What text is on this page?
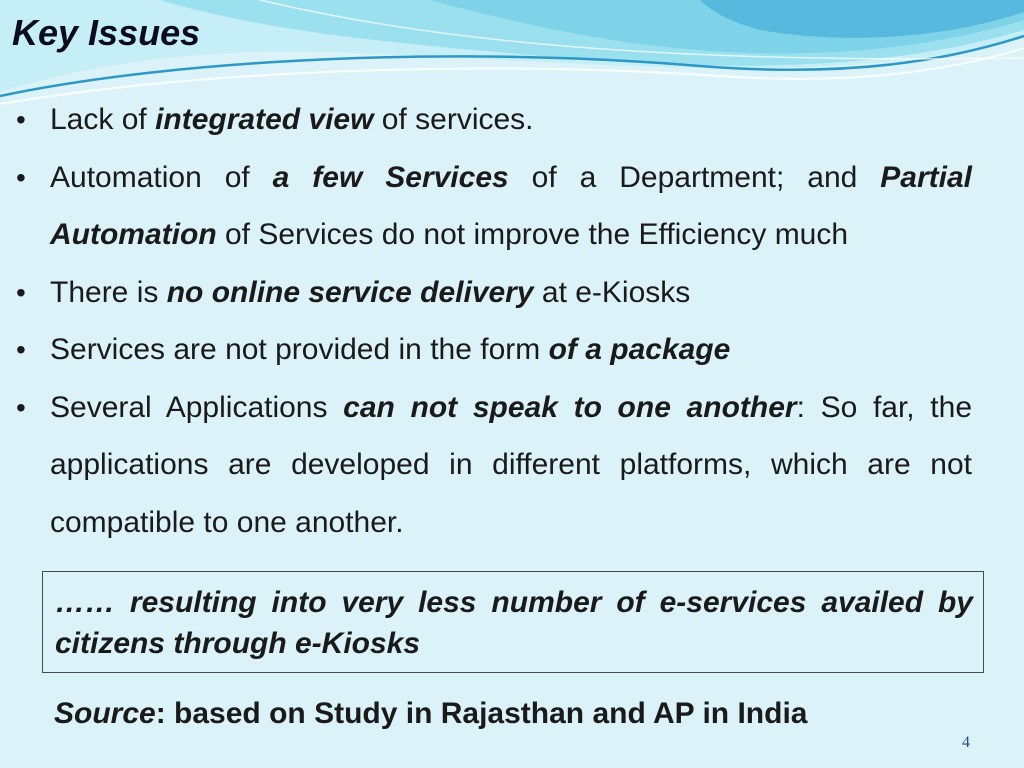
Key Issues
• Lack of integrated view of services.
• Automation of a few Services of a Department; and Partial Automation of Services do not improve the Efficiency much
• There is no online service delivery at e-Kiosks
• Services are not provided in the form of a package
• Several Applications can not speak to one another: So far, the applications are developed in different platforms, which are not compatible to one another.
…… resulting into very less number of e-services availed by citizens through e-Kiosks

Source: based on Study in Rajasthan and AP in India

4
